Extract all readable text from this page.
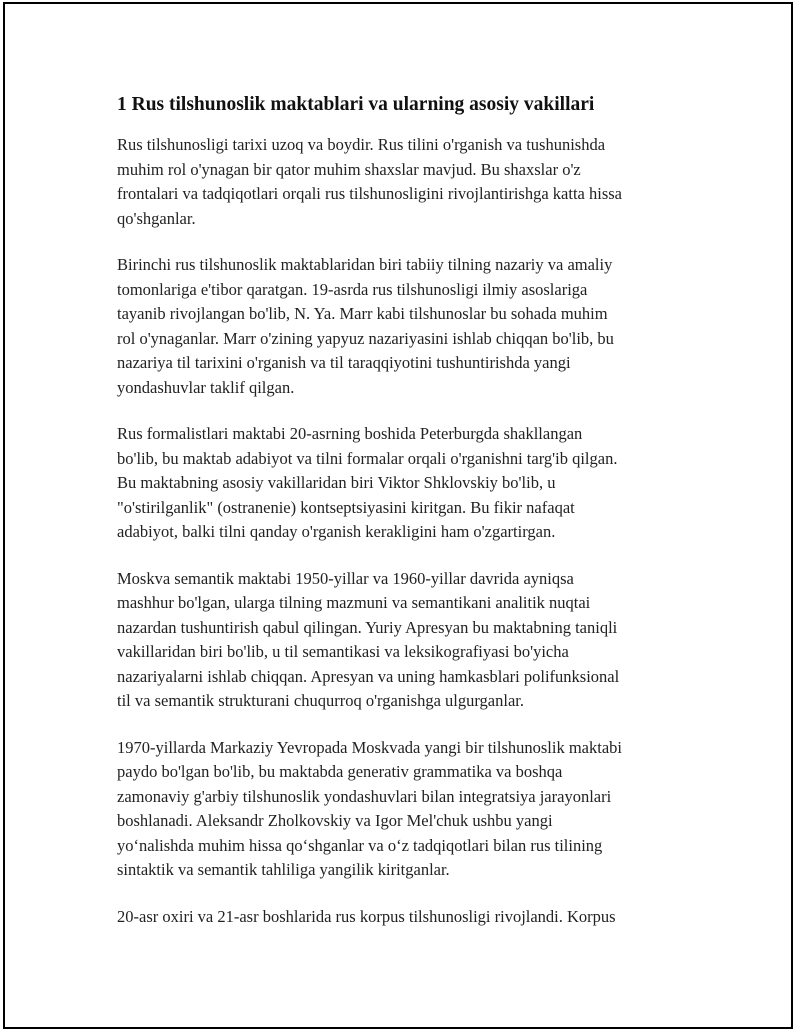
1 Rus tilshunoslik maktablari va ularning asosiy vakillari

Rus tilshunosligi tarixi uzoq va boydir. Rus tilini o'rganish va tushunishda
muhim rol o'ynagan bir qator muhim shaxslar mavjud. Bu shaxslar o'z
frontalari va tadqiqotlari orqali rus tilshunosligini rivojlantirishga katta hissa
qo'shganlar.

Birinchi rus tilshunoslik maktablaridan biri tabiiy tilning nazariy va amaliy
tomonlariga e'tibor qaratgan. 19-asrda rus tilshunosligi ilmiy asoslariga
tayanib rivojlangan bo'lib, N. Ya. Marr kabi tilshunoslar bu sohada muhim
rol o'ynaganlar. Marr o'zining yapyuz nazariyasini ishlab chiqqan bo'lib, bu
nazariya til tarixini o'rganish va til taraqqiyotini tushuntirishda yangi
yondashuvlar taklif qilgan.

Rus formalistlari maktabi 20-asrning boshida Peterburgda shakllangan
bo'lib, bu maktab adabiyot va tilni formalar orqali o'rganishni targ'ib qilgan.
Bu maktabning asosiy vakillaridan biri Viktor Shklovskiy bo'lib, u
"o'stirilganlik" (ostranenie) kontseptsiyasini kiritgan. Bu fikir nafaqat
adabiyot, balki tilni qanday o'rganish kerakligini ham o'zgartirgan.

Moskva semantik maktabi 1950-yillar va 1960-yillar davrida ayniqsa
mashhur bo'lgan, ularga tilning mazmuni va semantikani analitik nuqtai
nazardan tushuntirish qabul qilingan. Yuriy Apresyan bu maktabning taniqli
vakillaridan biri bo'lib, u til semantikasi va leksikografiyasi bo'yicha
nazariyalarni ishlab chiqqan. Apresyan va uning hamkasblari polifunksional
til va semantik strukturani chuqurroq o'rganishga ulgurganlar.

1970-yillarda Markaziy Yevropada Moskvada yangi bir tilshunoslik maktabi
paydo bo'lgan bo'lib, bu maktabda generativ grammatika va boshqa
zamonaviy g'arbiy tilshunoslik yondashuvlari bilan integratsiya jarayonlari
boshlanadi. Aleksandr Zholkovskiy va Igor Mel'chuk ushbu yangi
yo‘nalishda muhim hissa qo‘shganlar va o‘z tadqiqotlari bilan rus tilining
sintaktik va semantik tahliliga yangilik kiritganlar.

20-asr oxiri va 21-asr boshlarida rus korpus tilshunosligi rivojlandi. Korpus
